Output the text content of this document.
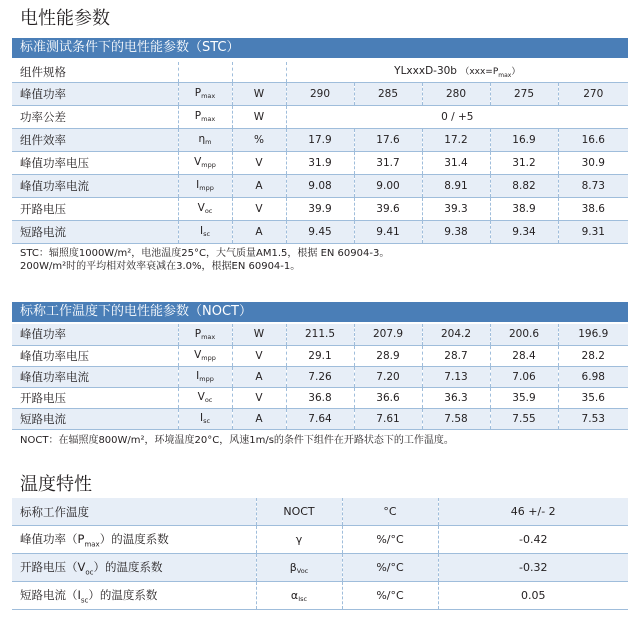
电性能参数
标准测试条件下的电性能参数（STC）
组件规格			YLxxxD-30b $(xxx=P_{max})$				
峰值功率	$P_{max}$	W	290	285	280	275	270
功率公差	$P_{max}$	W	0 / +5				
组件效率	$\eta_m$	%	17.9	17.6	17.2	16.9	16.6
峰值功率电压	$V_{mpp}$	V	31.9	31.7	31.4	31.2	30.9
峰值功率电流	$I_{mpp}$	A	9.08	9.00	8.91	8.82	8.73
开路电压	$V_{oc}$	V	39.9	39.6	39.3	38.9	38.6
短路电流	$I_{sc}$	A	9.45	9.41	9.38	9.34	9.31
STC：辐照度1000W/m²，电池温度25°C，大气质量AM1.5，根据 EN 60904-3。
200W/m²时的平均相对效率衰减在3.0%，根据EN 60904-1。
标称工作温度下的电性能参数（NOCT）
峰值功率	$P_{max}$	W	211.5	207.9	204.2	200.6	196.9
峰值功率电压	$V_{mpp}$	V	29.1	28.9	28.7	28.4	28.2
峰值功率电流	$I_{mpp}$	A	7.26	7.20	7.13	7.06	6.98
开路电压	$V_{oc}$	V	36.8	36.6	36.3	35.9	35.6
短路电流	$I_{sc}$	A	7.64	7.61	7.58	7.55	7.53
NOCT：在辐照度800W/m²，环境温度20°C，风速1m/s的条件下组件在开路状态下的工作温度。
温度特性
标称工作温度	NOCT	°C	46 +/- 2
峰值功率$(P_{max})$的温度系数	γ	%/°C	-0.42
开路电压$(V_{oc})$的温度系数	$\beta_{Voc}$	%/°C	-0.32
短路电流$(I_{sc})$的温度系数	$\alpha_{Isc}$	%/°C	0.05
